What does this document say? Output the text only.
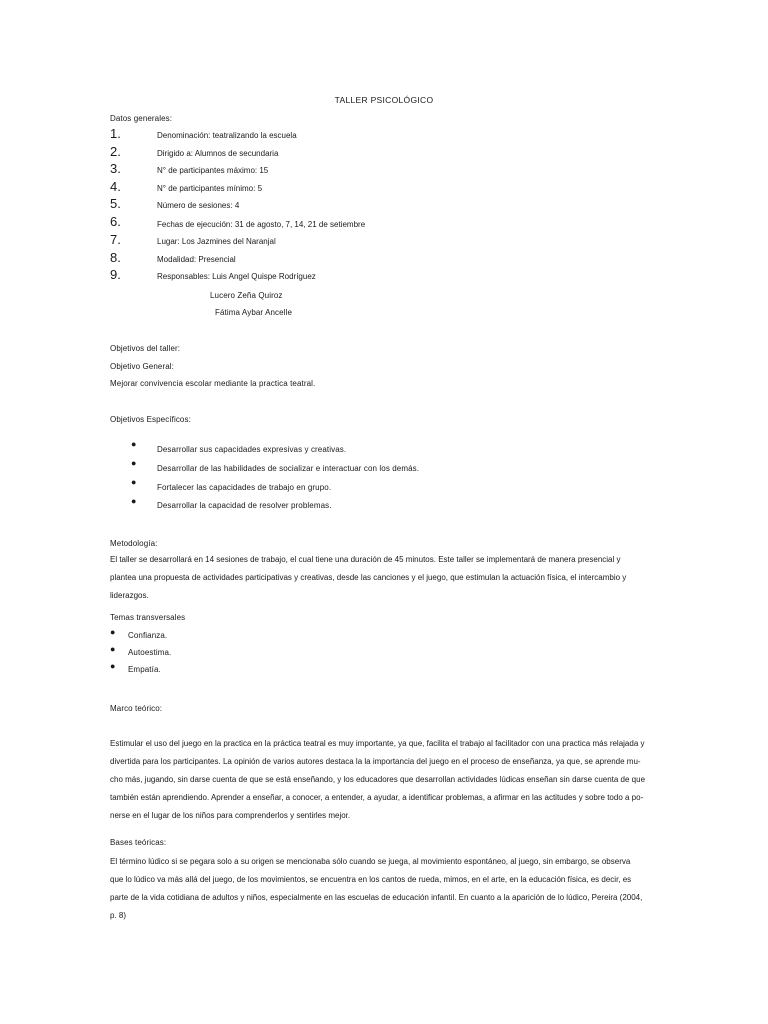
TALLER PSICOLÓGICO
Datos generales:
1.	Denominación: teatralizando la escuela
2.	Dirigido a: Alumnos de secundaria
3.	N° de participantes máximo: 15
4.	N° de participantes mínimo: 5
5.	Número de sesiones: 4
6.	Fechas de ejecución: 31 de agosto, 7, 14, 21 de setiembre
7.	Lugar: Los Jazmines del Naranjal
8.	Modalidad: Presencial
9.	Responsables: Luis Angel Quispe Rodríguez
Lucero Zeña Quiroz
Fátima Aybar Ancelle
Objetivos del taller:
Objetivo General:
Mejorar convivencia escolar mediante la practica teatral.
Objetivos Específicos:
●
Desarrollar sus capacidades expresivas y creativas.
●
Desarrollar de las habilidades de socializar e interactuar con los demás.
●
Fortalecer las capacidades de trabajo en grupo.
●	Desarrollar la capacidad de resolver problemas.
Metodología:
El taller se desarrollará en 14 sesiones de trabajo, el cual tiene una duración de 45 minutos. Este taller se implementará de manera presencial y
plantea una propuesta de actividades participativas y creativas, desde las canciones y el juego, que estimulan la actuación física, el intercambio y
liderazgos.
Temas transversales
● Confianza.
● Autoestima.
● Empatía.
Marco teórico:
Estimular el uso del juego en la practica en la práctica teatral es muy importante, ya que, facilita el trabajo al facilitador con una practica más relajada y
divertida para los participantes. La opinión de varios autores destaca la la importancia del juego en el proceso de enseñanza, ya que, se aprende mu-
cho más, jugando, sin darse cuenta de que se está enseñando, y los educadores que desarrollan actividades lúdicas enseñan sin darse cuenta de que
también están aprendiendo. Aprender a enseñar, a conocer, a entender, a ayudar, a identificar problemas, a afirmar en las actitudes y sobre todo a po-
nerse en el lugar de los niños para comprenderlos y sentirles mejor.
Bases teóricas:
El término lúdico si se pegara solo a su origen se mencionaba sólo cuando se juega, al movimiento espontáneo, al juego, sin embargo, se observa
que lo lúdico va más allá del juego, de los movimientos, se encuentra en los cantos de rueda, mimos, en el arte, en la educación física, es decir, es
parte de la vida cotidiana de adultos y niños, especialmente en las escuelas de educación infantil. En cuanto a la aparición de lo lúdico, Pereira (2004,
p. 8)
